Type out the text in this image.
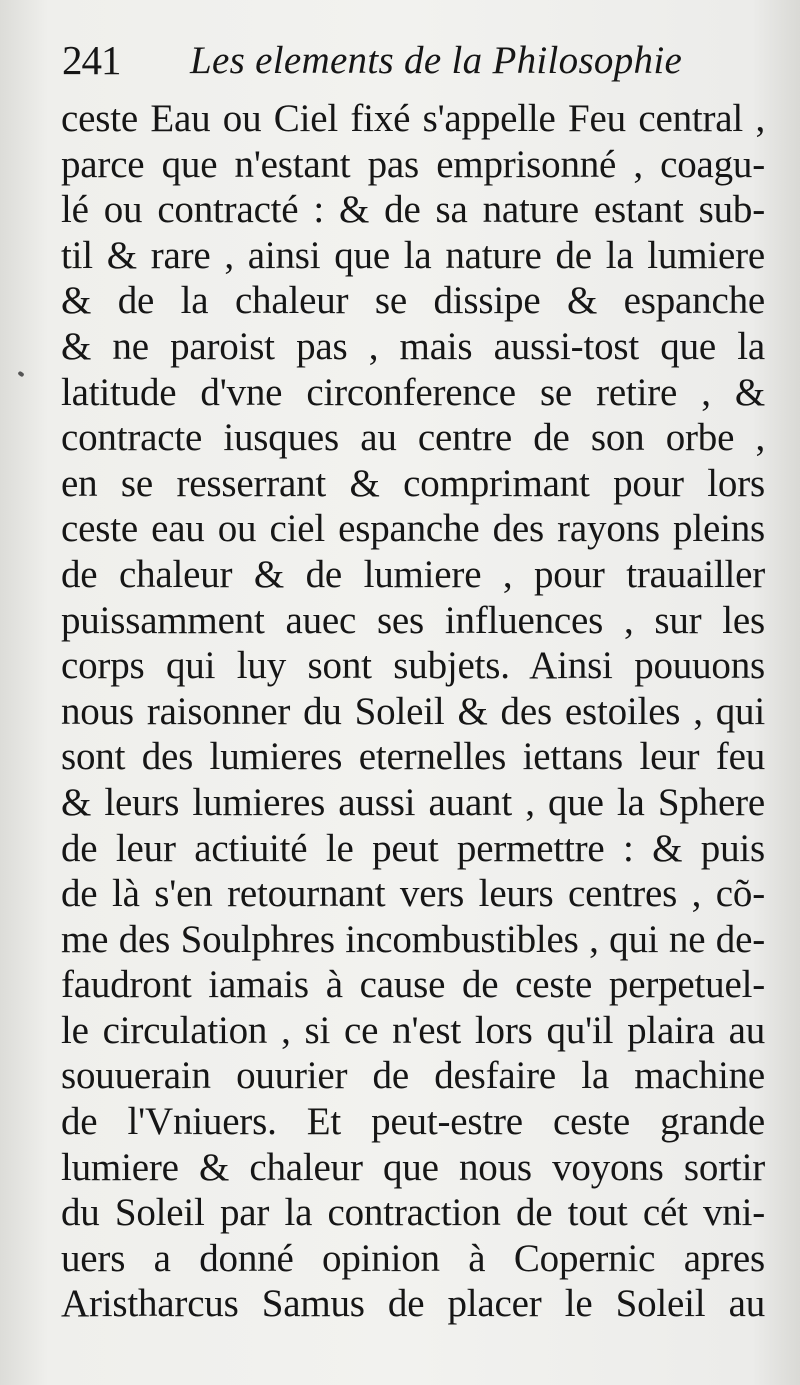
241 Les elements de la Philosophie
ceste Eau ou Ciel fixé s'appelle Feu central ,
parce que n'estant pas emprisonné , coagu-
lé ou contracté : & de sa nature estant sub-
til & rare , ainsi que la nature de la lumiere
& de la chaleur se dissipe & espanche
& ne paroist pas , mais aussi-tost que la
latitude d'vne circonference se retire , &
contracte iusques au centre de son orbe ,
en se resserrant & comprimant pour lors
ceste eau ou ciel espanche des rayons pleins
de chaleur & de lumiere , pour trauailler
puissamment auec ses influences , sur les
corps qui luy sont subjets. Ainsi pouuons
nous raisonner du Soleil & des estoiles , qui
sont des lumieres eternelles iettans leur feu
& leurs lumieres aussi auant , que la Sphere
de leur actiuité le peut permettre : & puis
de là s'en retournant vers leurs centres , cõ-
me des Soulphres incombustibles , qui ne de-
faudront iamais à cause de ceste perpetuel-
le circulation , si ce n'est lors qu'il plaira au
souuerain ouurier de desfaire la machine
de l'Vniuers. Et peut-estre ceste grande
lumiere & chaleur que nous voyons sortir
du Soleil par la contraction de tout cét vni-
uers a donné opinion à Copernic apres
Aristharcus Samus de placer le Soleil au
